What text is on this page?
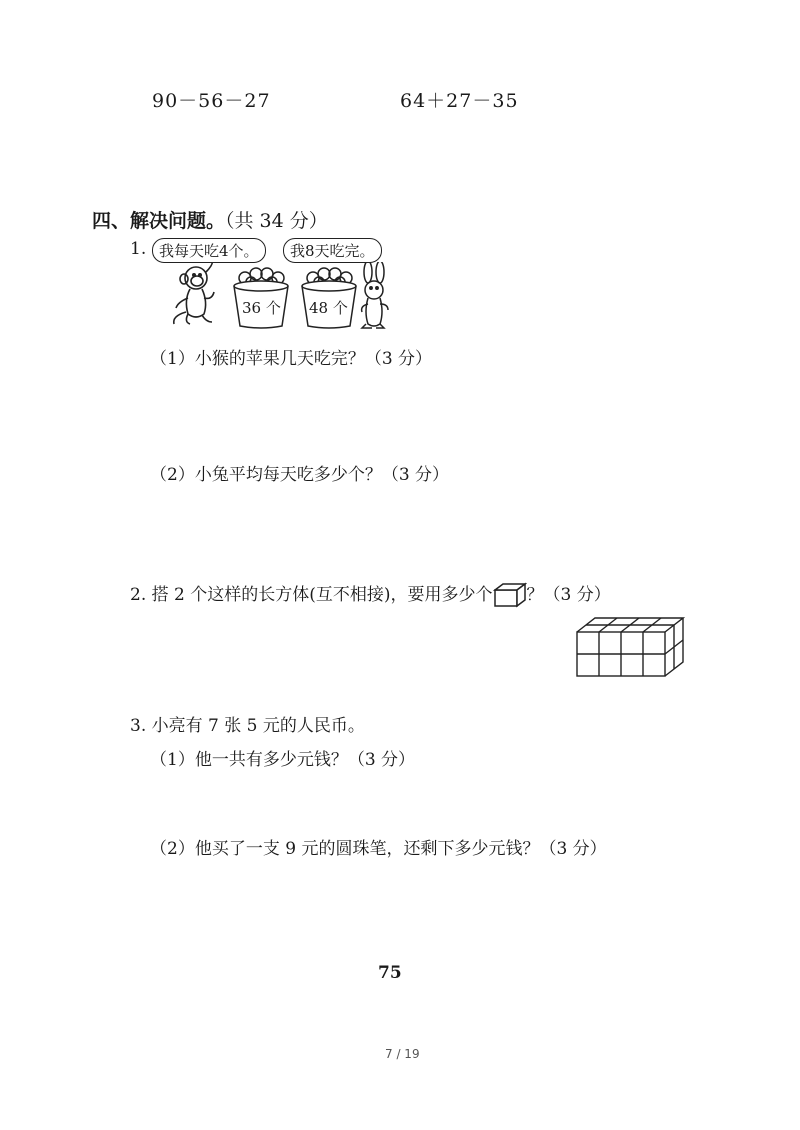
90－56－27	64＋27－35
四、解决问题。（共 34 分）
1. 我每天吃4个。	我8天吃完。
36 个 48 个
（1）小猴的苹果几天吃完？（3 分）
（2）小兔平均每天吃多少个？（3 分）
2. 搭 2 个这样的长方体(互不相接)，要用多少个 ？（3 分）
3. 小亮有 7 张 5 元的人民币。
（1）他一共有多少元钱？（3 分）
（2）他买了一支 9 元的圆珠笔，还剩下多少元钱？（3 分）
75
7 / 19
